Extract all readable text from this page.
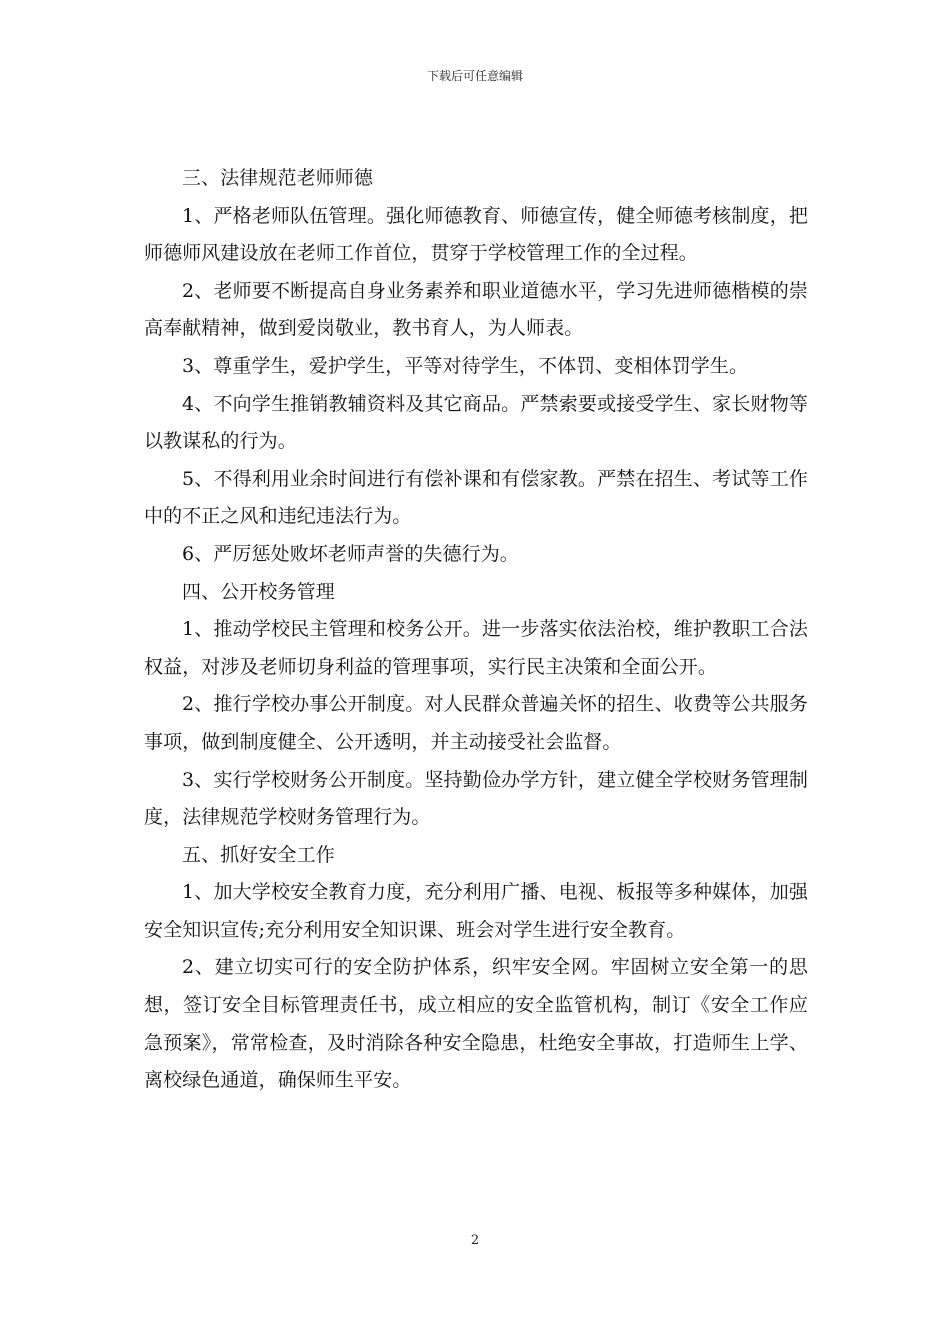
下载后可任意编辑

三、法律规范老师师德

1、严格老师队伍管理。强化师德教育、师德宣传，健全师德考核制度，把师德师风建设放在老师工作首位，贯穿于学校管理工作的全过程。

2、老师要不断提高自身业务素养和职业道德水平，学习先进师德楷模的崇高奉献精神，做到爱岗敬业，教书育人，为人师表。

3、尊重学生，爱护学生，平等对待学生，不体罚、变相体罚学生。

4、不向学生推销教辅资料及其它商品。严禁索要或接受学生、家长财物等以教谋私的行为。

5、不得利用业余时间进行有偿补课和有偿家教。严禁在招生、考试等工作中的不正之风和违纪违法行为。

6、严厉惩处败坏老师声誉的失德行为。

四、公开校务管理

1、推动学校民主管理和校务公开。进一步落实依法治校，维护教职工合法权益，对涉及老师切身利益的管理事项，实行民主决策和全面公开。

2、推行学校办事公开制度。对人民群众普遍关怀的招生、收费等公共服务事项，做到制度健全、公开透明，并主动接受社会监督。

3、实行学校财务公开制度。坚持勤俭办学方针，建立健全学校财务管理制度，法律规范学校财务管理行为。

五、抓好安全工作

1、加大学校安全教育力度，充分利用广播、电视、板报等多种媒体，加强安全知识宣传;充分利用安全知识课、班会对学生进行安全教育。

2、建立切实可行的安全防护体系，织牢安全网。牢固树立安全第一的思想，签订安全目标管理责任书，成立相应的安全监管机构，制订《安全工作应急预案》，常常检查，及时消除各种安全隐患，杜绝安全事故，打造师生上学、离校绿色通道，确保师生平安。

2
